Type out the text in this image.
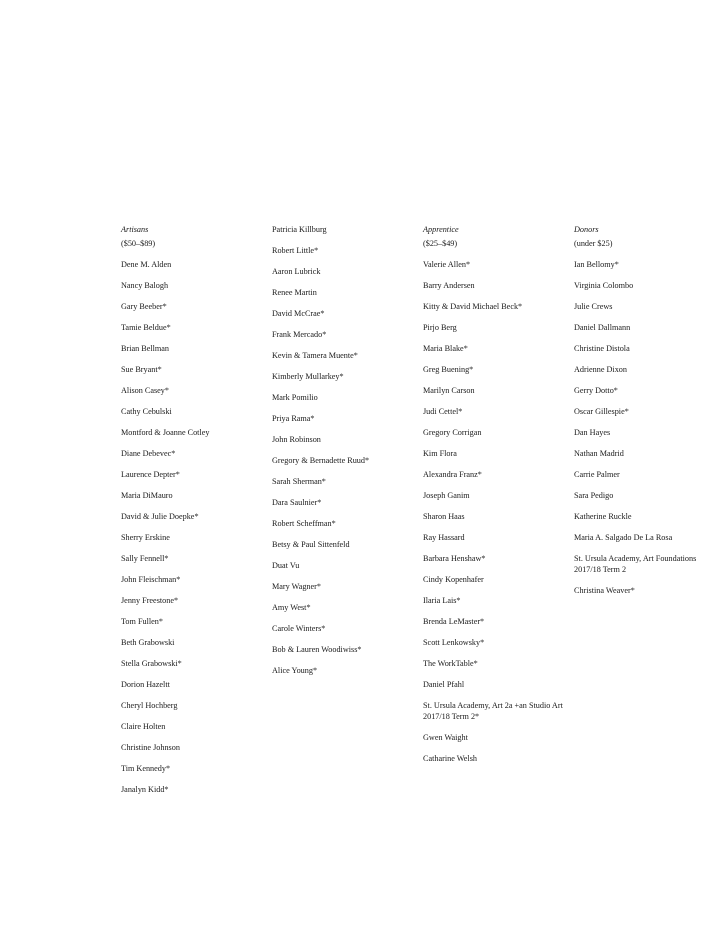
Artisans
($50–$89)
Dene M. Alden
Nancy Balogh
Gary Beeber*
Tamie Beldue*
Brian Bellman
Sue Bryant*
Alison Casey*
Cathy Cebulski
Montford & Joanne Cotley
Diane Debevec*
Laurence Depter*
Maria DiMauro
David & Julie Doepke*
Sherry Erskine
Sally Fennell*
John Fleischman*
Jenny Freestone*
Tom Fullen*
Beth Grabowski
Stella Grabowski*
Dorion Hazeltt
Cheryl Hochberg
Claire Holten
Christine Johnson
Tim Kennedy*
Janalyn Kidd*
Patricia Killburg
Robert Little*
Aaron Lubrick
Renee Martin
David McCrae*
Frank Mercado*
Kevin & Tamera Muente*
Kimberly Mullarkey*
Mark Pomilio
Priya Rama*
John Robinson
Gregory & Bernadette Ruud*
Sarah Sherman*
Dara Saulnier*
Robert Scheffman*
Betsy & Paul Sittenfeld
Duat Vu
Mary Wagner*
Amy West*
Carole Winters*
Bob & Lauren Woodiwiss*
Alice Young*
Apprentice
($25–$49)
Valerie Allen*
Barry Andersen
Kitty & David Michael Beck*
Pirjo Berg
Maria Blake*
Greg Buening*
Marilyn Carson
Judi Cettel*
Gregory Corrigan
Kim Flora
Alexandra Franz*
Joseph Ganim
Sharon Haas
Ray Hassard
Barbara Henshaw*
Cindy Kopenhafer
Ilaria Lais*
Brenda LeMaster*
Scott Lenkowsky*
The WorkTable*
Daniel Pfahl
St. Ursula Academy, Art 2a +an Studio Art 2017/18 Term 2*
Gwen Waight
Catharine Welsh
Donors
(under $25)
Ian Bellomy*
Virginia Colombo
Julie Crews
Daniel Dallmann
Christine Distola
Adrienne Dixon
Gerry Dotto*
Oscar Gillespie*
Dan Hayes
Nathan Madrid
Carrie Palmer
Sara Pedigo
Katherine Ruckle
Maria A. Salgado De La Rosa
St. Ursula Academy, Art Foundations 2017/18 Term 2
Christina Weaver*
